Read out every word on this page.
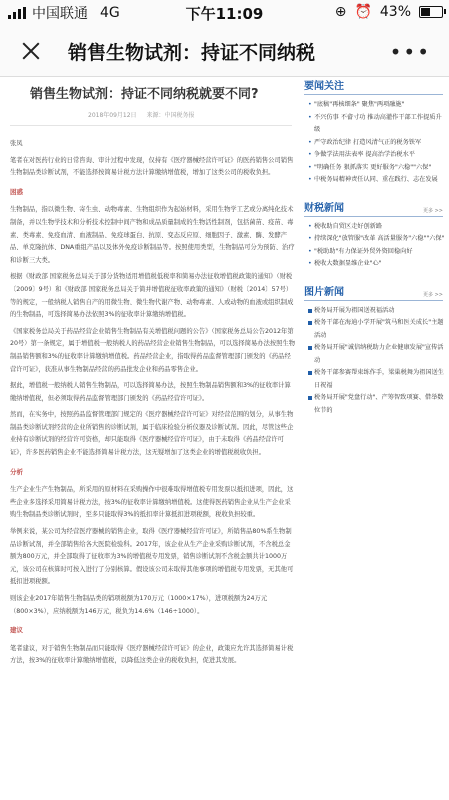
中国联通 4G	下午11:09	⊕ ⏰ 43%
销售生物试剂：持证不同纳税	•••
销售生物试剂：持证不同纳税就要不同?
2018年09月12日 来源：中国税务报
张凤

笔者在对医药行业的日常咨询、审计过程中发现，仅持有《医疗器械经营许可证》的医药销售公司销售生物制品类诊断试剂，不能选择按简易计税方法计算缴纳增值税，增加了这类公司的税收负担。

困惑

生物制品，指以微生物、寄生虫、动物毒素、生物组织作为起始材料，采用生物学工艺或分离纯化技术制备，并以生物学技术和分析技术控制中间产物和成品质量制成的生物活性制剂，包括菌苗、疫苗、毒素、类毒素、免疫血清、血液制品、免疫球蛋白、抗原、变态反应原、细胞因子、激素、酶、发酵产品、单克隆抗体、DNA重组产品以及体外免疫诊断制品等。按照使用类型，生物制品可分为预防、治疗和诊断三大类。

根据《财政部 国家税务总局关于部分货物适用增值税低税率和简易办法征收增值税政策的通知》（财税〔2009〕9号）和《财政部 国家税务总局关于简并增值税征收率政策的通知》（财税〔2014〕57号）等的规定，一般纳税人销售自产的用微生物、微生物代谢产物、动物毒素、人或动物的血液或组织制成的生物制品，可选择简易办法依照3%的征收率计算缴纳增值税。

《国家税务总局关于药品经营企业销售生物制品有关增值税问题的公告》（国家税务总局公告2012年第20号）第一条规定，属于增值税一般纳税人的药品经营企业销售生物制品，可以选择简易办法按照生物制品销售额和3%的征收率计算缴纳增值税。药品经营企业，指取得药品监督管理部门颁发的《药品经营许可证》，获准从事生物制品经营的药品批发企业和药品零售企业。

据此，增值税一般纳税人销售生物制品，可以选择简易办法，按照生物制品销售额和3%的征收率计算缴纳增值税，但必须取得药品监督管理部门颁发的《药品经营许可证》。

然而，在实务中，按照药品监督管理部门规定的《医疗器械经营许可证》对经营范围的划分，从事生物制品类诊断试剂经营的企业所销售的诊断试剂，属于临床检验分析仪器及诊断试剂。因此，尽管这些企业持有诊断试剂的经营许可资格，却只能取得《医疗器械经营许可证》，由于未取得《药品经营许可证》，许多医药销售企业不能选择简易计税方法，这无疑增加了这类企业的增值税税收负担。

分析

生产企业生产生物制品，所采用的原材料在采购操作中很难取得增值税专用发票以抵扣进项，因此，这些企业多选择采用简易计税方法，按3%的征收率计算缴纳增值税。这使得医药销售企业从生产企业采购生物制品类诊断试剂时，至多只能取得3%的抵扣率计算抵扣进项税额，税收负担较重。

举例来说，某公司为经营医疗器械的销售企业，取得《医疗器械经营许可证》，所销售品80%系生物制品诊断试剂，并全部销售给各大医院检验科。2017年，该企业从生产企业采购诊断试剂，不含税总金额为800万元，并全部取得了征收率为3%的增值税专用发票，销售诊断试剂不含税金额共计1000万元，该公司在核算时可按入进行了分别核算。假设该公司未取得其他事项的增值税专用发票，无其他可抵扣进项税额。

则该企业2017年销售生物制品类的销项税额为170万元（1000×17%），进项税额为24万元（800×3%），应纳税额为146万元，税负为14.6%（146÷1000）。

建议

笔者建议，对于销售生物制品而只能取得《医疗器械经营许可证》的企业，政策应允许其选择简易计税方法，按3%的征收率计算缴纳增值税，以降低这类企业的税收负担，促进其发展。

要闻关注
• "底稿"再核细条" 聚焦"两项融施"
• 不兴仿事 不畲寸功 推动高灌作干部工作提质升级
• 严守政治纪律 打造风清气正的税务铁军
• 争做学法用法表率 提高治学治税水平
• "明确任务 狠抓落实 更好服务"六稳""六保"
• 中税务局精神责任认同、重在践行、志在发展
财税新闻	更多 >>
• 税收助自贸区走好创新路
• 持续深化"放管服"改革 高活量服务"六稳""六保"
• "税助助"有力保证外贸外资回稳向好
• 税收大数据显维企业"心"
图片新闻	更多 >>
税务局开展为祖国送祝福活动
税务干部在海迪小学开展"筑马和医关成长"主题活动
税务局开展"诚信纳税助力企业健康发展"宣传活动
税务干部参赛帮束练作手，梁巢税舞为祖国送生日祝福
税务局开展"党盘行动"、产筹智致项赛、借举数位节的
